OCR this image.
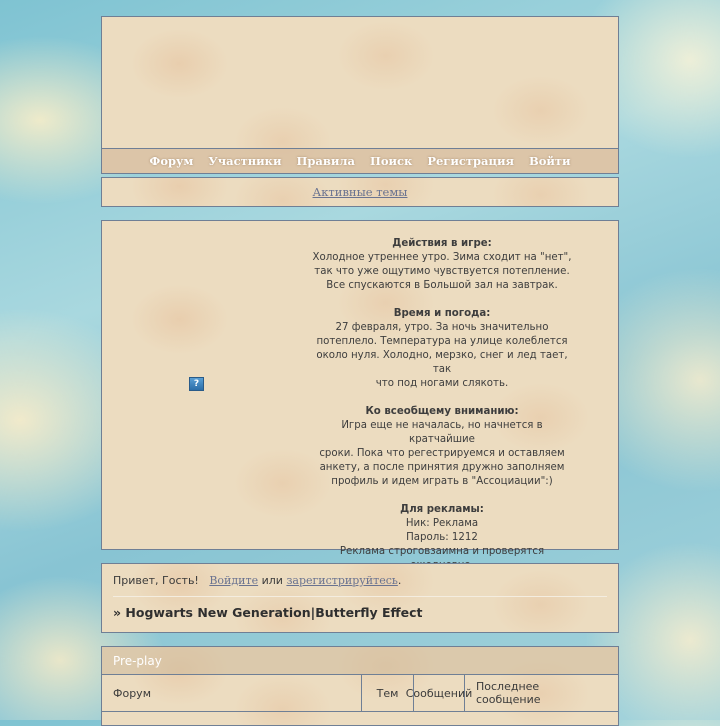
Форум Участники Правила Поиск Регистрация Войти
Активные темы
?
Действия в игре:
Холодное утреннее утро. Зима сходит на "нет",
так что уже ощутимо чувствуется потепление.
Все спускаются в Большой зал на завтрак.
Время и погода:
27 февраля, утро. За ночь значительно
потеплело. Температура на улице колеблется
около нуля. Холодно, мерзко, снег и лед тает, так
что под ногами слякоть.
Ко всеобщему вниманию:
Игра еще не началась, но начнется в кратчайшие
сроки. Пока что регестрируемся и оставляем
анкету, а после принятия дружно заполняем
профиль и идем играть в "Ассоциации":)
Для рекламы:
Ник: Реклама
Пароль: 1212
Реклама строговзаимна и проверятся
Привет, Гость! Войдите или зарегистрируйтесь.
» Hogwarts New Generation|Butterfly Effect
Pre-play
Форум	Тем Сообщений Последнее
сообщение
